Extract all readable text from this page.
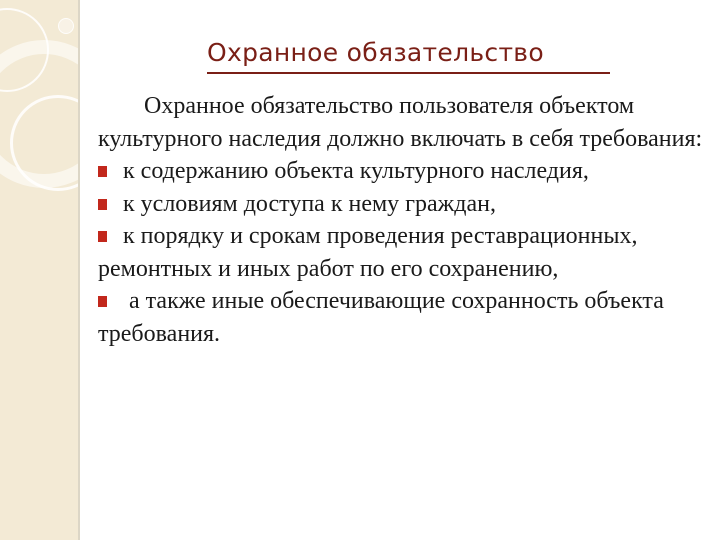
Охранное обязательство

Охранное обязательство пользователя объектом культурного наследия должно включать в себя требования:

к содержанию объекта культурного наследия,

к условиям доступа к нему граждан,

к порядку и срокам проведения реставрационных, ремонтных и иных работ по его сохранению,

а также иные обеспечивающие сохранность объекта требования.
